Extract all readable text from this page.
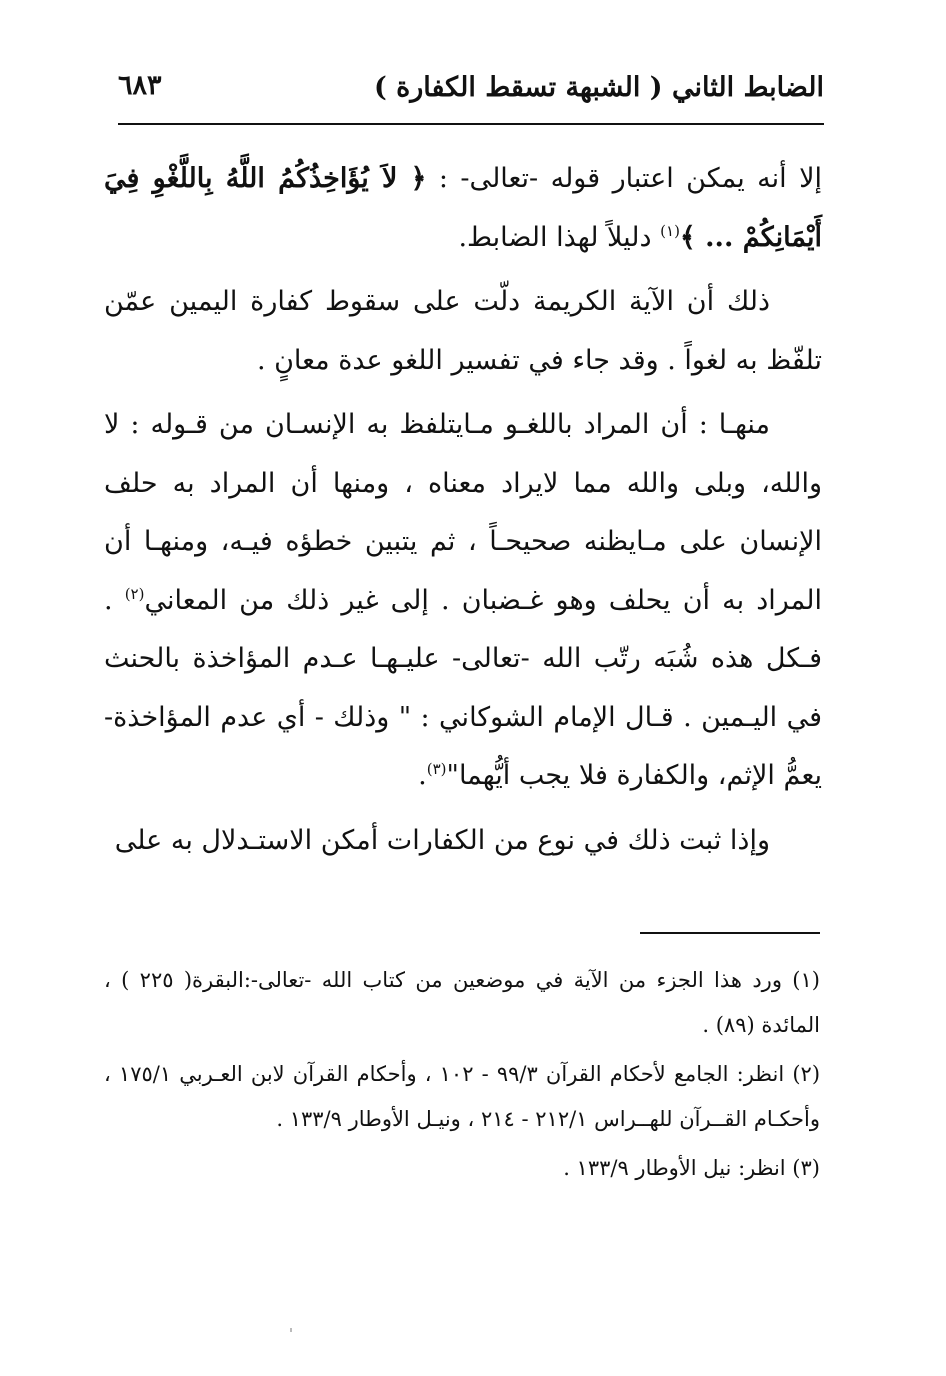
الضابط الثاني ( الشبهة تسقط الكفارة )
٦٨٣

إلا أنه يمكن اعتبار قوله -تعالى- : ﴿ لاَ يُؤَاخِذُكُمُ اللَّهُ بِاللَّغْوِ فِيَ أَيْمَانِكُمْ ... ﴾$^{(١)}$ دليلاً لهذا الضابط.

ذلك أن الآية الكريمة دلّت على سقوط كفارة اليمين عمّن تلفّظ به لغواً . وقد جاء في تفسير اللغو عدة معانٍ .

منهـا : أن المراد باللغـو مـايتلفظ به الإنسـان من قـوله : لا والله، وبلى والله مما لايراد معناه ، ومنها أن المراد به حلف الإنسان على مـايظنه صحيحـاً ، ثم يتبين خطؤه فيـه، ومنهـا أن المراد به أن يحلف وهو غـضبان . إلى غير ذلك من المعاني$^{(٢)}$ . فـكل هذه شُبَه رتّب الله -تعالى- عليـهـا عـدم المؤاخذة بالحنث في اليـمين . قـال الإمام الشوكاني : " وذلك - أي عدم المؤاخذة- يعمُّ الإثم، والكفارة فلا يجب أيُّهما"$^{(٣)}$.

وإذا ثبت ذلك في نوع من الكفارات أمكن الاستـدلال به على

(١) ورد هذا الجزء من الآية في موضعين من كتاب الله -تعالى-:البقرة( ٢٢٥ ) ، المائدة (٨٩) .

(٢) انظر: الجامع لأحكام القرآن ٩٩/٣ - ١٠٢ ، وأحكام القرآن لابن العـربي ١٧٥/١ ، وأحكـام القــرآن للهــراس ٢١٢/١ - ٢١٤ ، ونيـل الأوطار ١٣٣/٩ .

(٣) انظر: نيل الأوطار ١٣٣/٩ .
